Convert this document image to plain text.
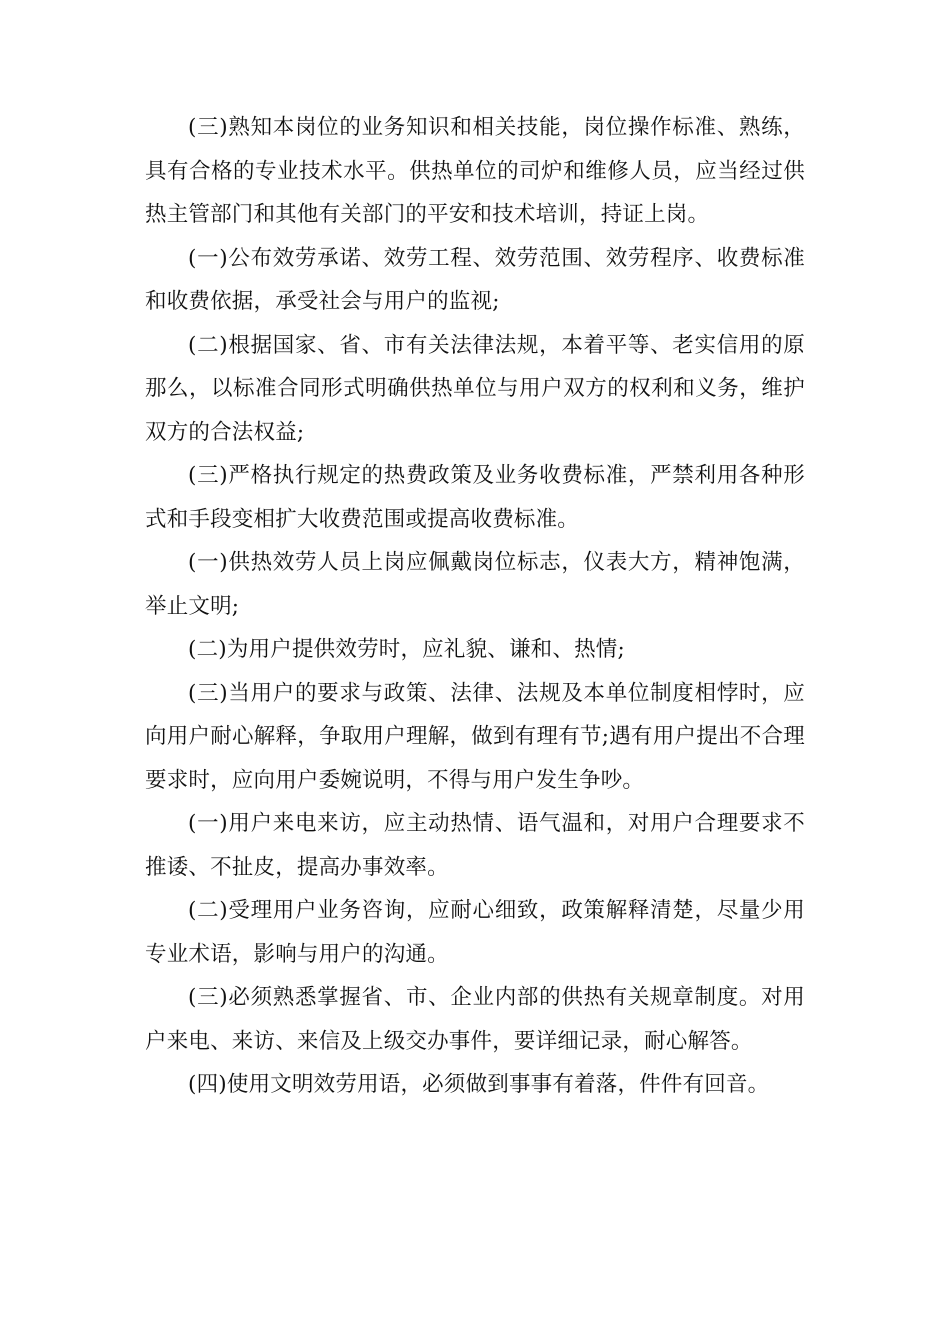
(三)熟知本岗位的业务知识和相关技能，岗位操作标准、熟练，具有合格的专业技术水平。供热单位的司炉和维修人员，应当经过供热主管部门和其他有关部门的平安和技术培训，持证上岗。

(一)公布效劳承诺、效劳工程、效劳范围、效劳程序、收费标准和收费依据，承受社会与用户的监视;

(二)根据国家、省、市有关法律法规，本着平等、老实信用的原那么，以标准合同形式明确供热单位与用户双方的权利和义务，维护双方的合法权益;

(三)严格执行规定的热费政策及业务收费标准，严禁利用各种形式和手段变相扩大收费范围或提高收费标准。

(一)供热效劳人员上岗应佩戴岗位标志，仪表大方，精神饱满，举止文明;

(二)为用户提供效劳时，应礼貌、谦和、热情;

(三)当用户的要求与政策、法律、法规及本单位制度相悖时，应向用户耐心解释，争取用户理解，做到有理有节;遇有用户提出不合理要求时，应向用户委婉说明，不得与用户发生争吵。

(一)用户来电来访，应主动热情、语气温和，对用户合理要求不推诿、不扯皮，提高办事效率。

(二)受理用户业务咨询，应耐心细致，政策解释清楚，尽量少用专业术语，影响与用户的沟通。

(三)必须熟悉掌握省、市、企业内部的供热有关规章制度。对用户来电、来访、来信及上级交办事件，要详细记录，耐心解答。

(四)使用文明效劳用语，必须做到事事有着落，件件有回音。
